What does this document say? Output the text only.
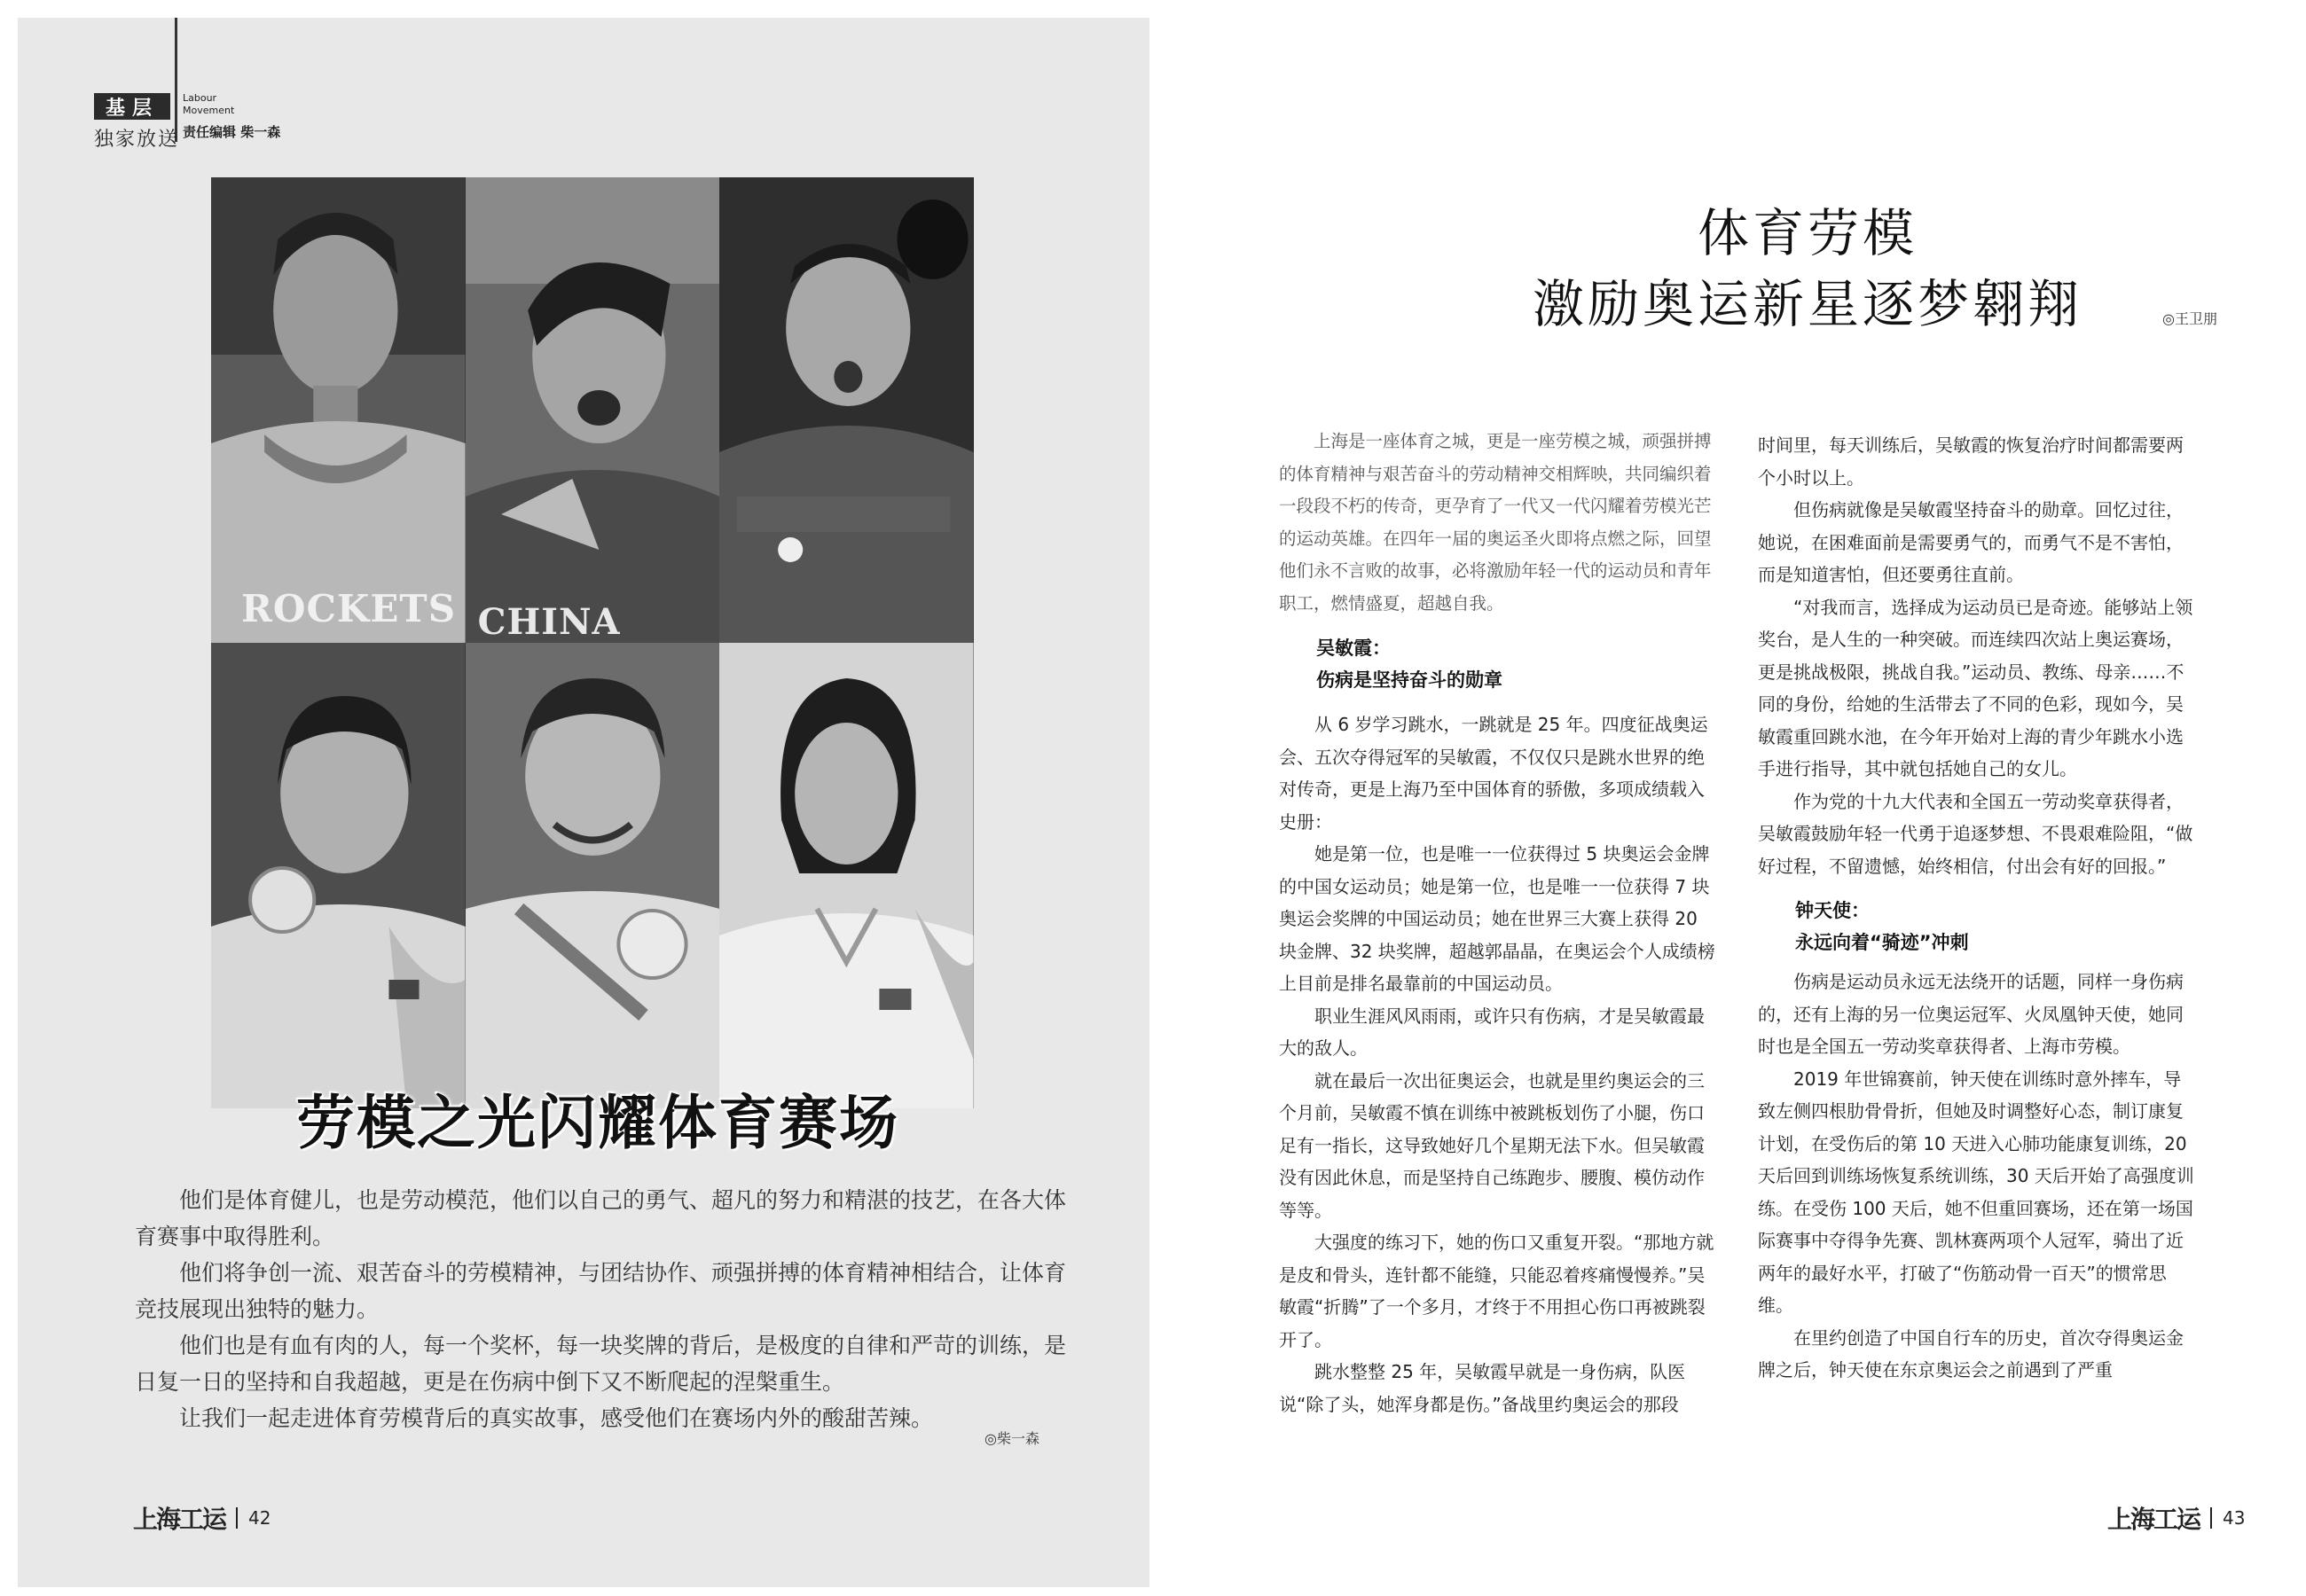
基层
独家放送
Labour Movement
责任编辑 柴一森
ROCKETS CHINA
劳模之光闪耀体育赛场

他们是体育健儿，也是劳动模范，他们以自己的勇气、超凡的努力和精湛的技艺，在各大体育赛事中取得胜利。

他们将争创一流、艰苦奋斗的劳模精神，与团结协作、顽强拼搏的体育精神相结合，让体育竞技展现出独特的魅力。

他们也是有血有肉的人，每一个奖杯，每一块奖牌的背后，是极度的自律和严苛的训练，是日复一日的坚持和自我超越，更是在伤病中倒下又不断爬起的涅槃重生。

让我们一起走进体育劳模背后的真实故事，感受他们在赛场内外的酸甜苦辣。

◎柴一森
上海工运 42
体育劳模
激励奥运新星逐梦翱翔	◎王卫朋

上海是一座体育之城，更是一座劳模之城，顽强拼搏的体育精神与艰苦奋斗的劳动精神交相辉映，共同编织着一段段不朽的传奇，更孕育了一代又一代闪耀着劳模光芒的运动英雄。在四年一届的奥运圣火即将点燃之际，回望他们永不言败的故事，必将激励年轻一代的运动员和青年职工，燃情盛夏，超越自我。

吴敏霞：

伤病是坚持奋斗的勋章

从 6 岁学习跳水，一跳就是 25 年。四度征战奥运会、五次夺得冠军的吴敏霞，不仅仅只是跳水世界的绝对传奇，更是上海乃至中国体育的骄傲，多项成绩载入史册：

她是第一位，也是唯一一位获得过 5 块奥运会金牌的中国女运动员；她是第一位，也是唯一一位获得 7 块奥运会奖牌的中国运动员；她在世界三大赛上获得 20 块金牌、32 块奖牌，超越郭晶晶，在奥运会个人成绩榜上目前是排名最靠前的中国运动员。

职业生涯风风雨雨，或许只有伤病，才是吴敏霞最大的敌人。

就在最后一次出征奥运会，也就是里约奥运会的三个月前，吴敏霞不慎在训练中被跳板划伤了小腿，伤口足有一指长，这导致她好几个星期无法下水。但吴敏霞没有因此休息，而是坚持自己练跑步、腰腹、模仿动作等等。

大强度的练习下，她的伤口又重复开裂。“那地方就是皮和骨头，连针都不能缝，只能忍着疼痛慢慢养。”吴敏霞“折腾”了一个多月，才终于不用担心伤口再被跳裂开了。

跳水整整 25 年，吴敏霞早就是一身伤病，队医说“除了头，她浑身都是伤。”备战里约奥运会的那段

时间里，每天训练后，吴敏霞的恢复治疗时间都需要两个小时以上。

但伤病就像是吴敏霞坚持奋斗的勋章。回忆过往，她说，在困难面前是需要勇气的，而勇气不是不害怕，而是知道害怕，但还要勇往直前。

“对我而言，选择成为运动员已是奇迹。能够站上领奖台，是人生的一种突破。而连续四次站上奥运赛场，更是挑战极限，挑战自我。”运动员、教练、母亲……不同的身份，给她的生活带去了不同的色彩，现如今，吴敏霞重回跳水池，在今年开始对上海的青少年跳水小选手进行指导，其中就包括她自己的女儿。

作为党的十九大代表和全国五一劳动奖章获得者，吴敏霞鼓励年轻一代勇于追逐梦想、不畏艰难险阻，“做好过程，不留遗憾，始终相信，付出会有好的回报。”

钟天使：

永远向着“骑迹”冲刺

伤病是运动员永远无法绕开的话题，同样一身伤病的，还有上海的另一位奥运冠军、火凤凰钟天使，她同时也是全国五一劳动奖章获得者、上海市劳模。

2019 年世锦赛前，钟天使在训练时意外摔车，导致左侧四根肋骨骨折，但她及时调整好心态，制订康复计划，在受伤后的第 10 天进入心肺功能康复训练，20 天后回到训练场恢复系统训练，30 天后开始了高强度训练。在受伤 100 天后，她不但重回赛场，还在第一场国际赛事中夺得争先赛、凯林赛两项个人冠军，骑出了近两年的最好水平，打破了“伤筋动骨一百天”的惯常思维。

在里约创造了中国自行车的历史，首次夺得奥运金牌之后，钟天使在东京奥运会之前遇到了严重

上海工运 43
